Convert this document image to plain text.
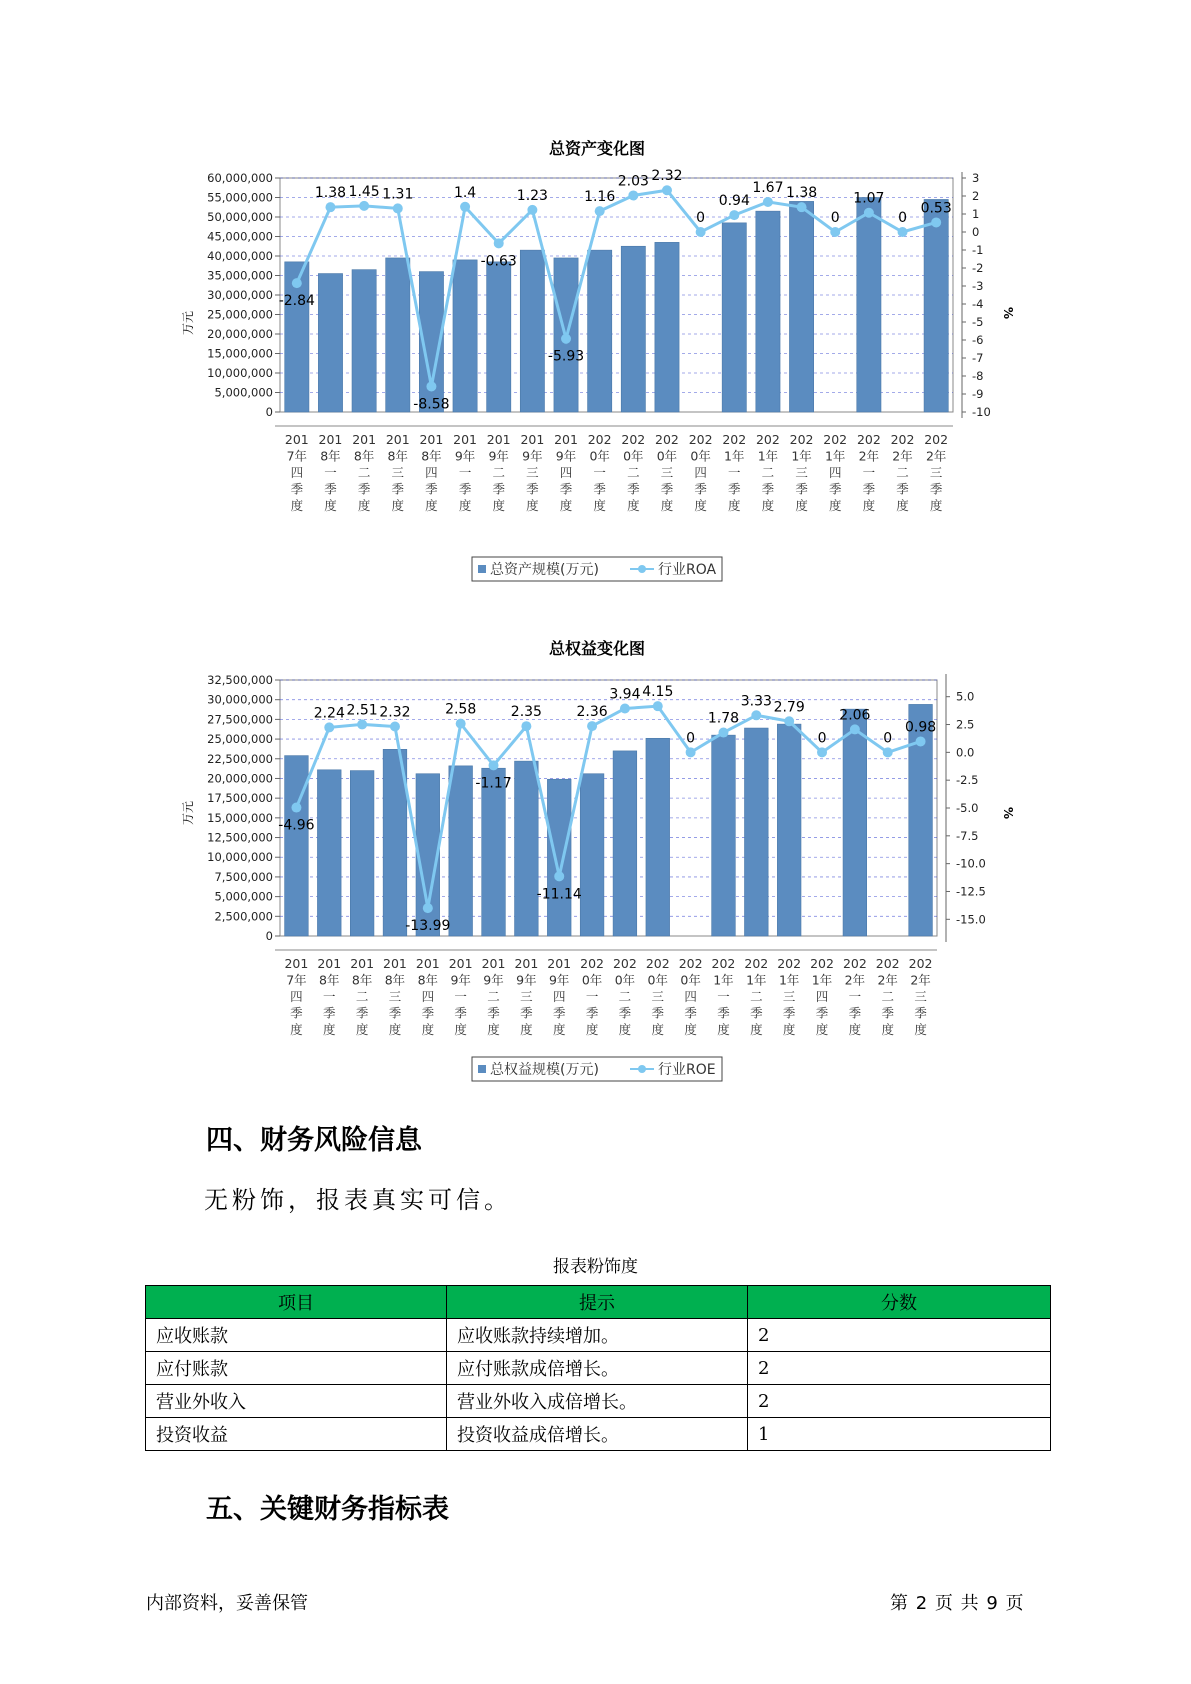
总资产变化图
万元	%
60,000,000
55,000,000
50,000,000
45,000,000
40,000,000
35,000,000
30,000,000
25,000,000
20,000,000
15,000,000
10,000,000
5,000,000
0
3
2
1
0
-1
-2
-3
-4
-5
-6
-7
-8
-9
-10
201
7年
四
季
度
201
8年
一
季
度
201
8年
二
季
度
201
8年
三
季
度
201
8年
四
季
度
201
9年
一
季
度
201
9年
二
季
度
201
9年
三
季
度
201
9年
四
季
度
202
0年
一
季
度
202
0年
二
季
度
202
0年
三
季
度
202
0年
四
季
度
202
1年
一
季
度
202
1年
二
季
度
202
1年
三
季
度
202
1年
四
季
度
202
2年
一
季
度
202
2年
二
季
度
202
2年
三
季
度
-2.84
1.38 1.45 1.31
-8.58
1.4
-0.63
1.23
-5.93
1.16
2.03 2.32
0
0.94
1.67 1.38
0
1.07
0
0.53
总资产规模(万元)	行业ROA
总权益变化图
万元	%
32,500,000
30,000,000
27,500,000
25,000,000
22,500,000
20,000,000
17,500,000
15,000,000
12,500,000
10,000,000
7,500,000
5,000,000
2,500,000
0
5.0
2.5
0.0
-2.5
-5.0
-7.5
-10.0
-12.5
-15.0
201
7年
四
季
度
201
8年
一
季
度
201
8年
二
季
度
201
8年
三
季
度
201
8年
四
季
度
201
9年
一
季
度
201
9年
二
季
度
201
9年
三
季
度
201
9年
四
季
度
202
0年
一
季
度
202
0年
二
季
度
202
0年
三
季
度
202
0年
四
季
度
202
1年
一
季
度
202
1年
二
季
度
202
1年
三
季
度
202
1年
四
季
度
202
2年
一
季
度
202
2年
二
季
度
202
2年
三
季
度
-4.96
2.24 2.51 2.32
-13.99
2.58
-1.17
2.35
-11.14
2.36
3.94 4.15
0
1.78
3.33 2.79
0
2.06
0
0.98
总权益规模(万元)	行业ROE
四、财务风险信息
无粉饰，报表真实可信。
报表粉饰度
项目	提示	分数
应收账款	应收账款持续增加。	2
应付账款	应付账款成倍增长。	2
营业外收入	营业外收入成倍增长。	2
投资收益	投资收益成倍增长。	1
五、关键财务指标表
内部资料，妥善保管	第 2 页 共 9 页
